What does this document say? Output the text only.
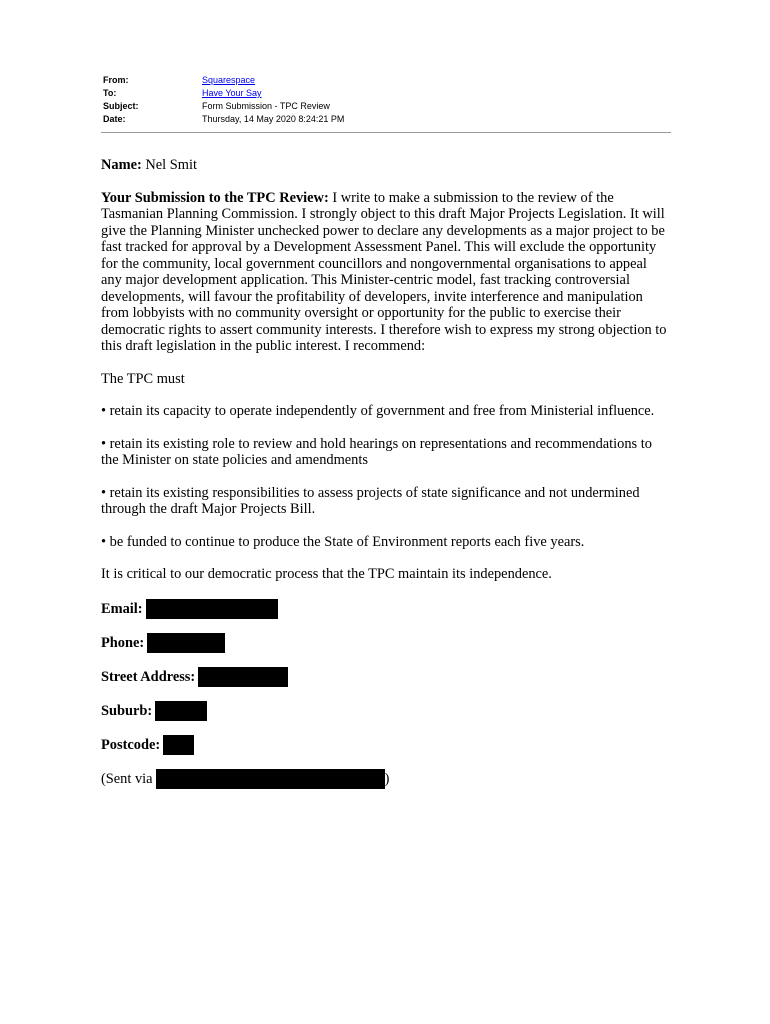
From:	Squarespace
To:	Have Your Say
Subject:	Form Submission - TPC Review
Date:	Thursday, 14 May 2020 8:24:21 PM

Name: Nel Smit

Your Submission to the TPC Review: I write to make a submission to the review of the Tasmanian Planning Commission. I strongly object to this draft Major Projects Legislation. It will give the Planning Minister unchecked power to declare any developments as a major project to be fast tracked for approval by a Development Assessment Panel. This will exclude the opportunity for the community, local government councillors and nongovernmental organisations to appeal any major development application. This Minister-centric model, fast tracking controversial developments, will favour the profitability of developers, invite interference and manipulation from lobbyists with no community oversight or opportunity for the public to exercise their democratic rights to assert community interests. I therefore wish to express my strong objection to this draft legislation in the public interest. I recommend:

The TPC must

• retain its capacity to operate independently of government and free from Ministerial influence.

• retain its existing role to review and hold hearings on representations and recommendations to the Minister on state policies and amendments

• retain its existing responsibilities to assess projects of state significance and not undermined through the draft Major Projects Bill.

• be funded to continue to produce the State of Environment reports each five years.

It is critical to our democratic process that the TPC maintain its independence.

Email:
Phone:
Street Address:
Suburb:
Postcode:
(Sent via	)
